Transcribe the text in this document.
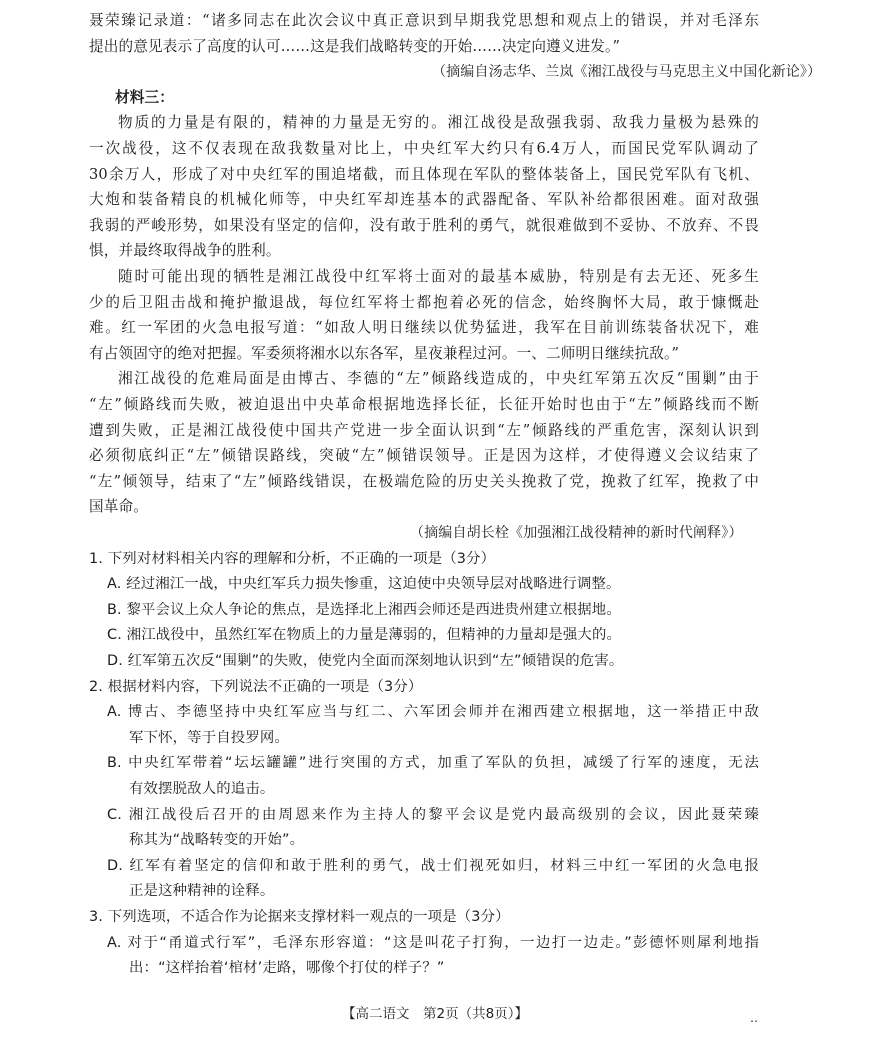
聂荣臻记录道：“诸多同志在此次会议中真正意识到早期我党思想和观点上的错误，并对毛泽东
提出的意见表示了高度的认可……这是我们战略转变的开始……决定向遵义进发。”
（摘编自汤志华、兰岚《湘江战役与马克思主义中国化新论》）
材料三：
物质的力量是有限的，精神的力量是无穷的。湘江战役是敌强我弱、敌我力量极为悬殊的
一次战役，这不仅表现在敌我数量对比上，中央红军大约只有6.4万人，而国民党军队调动了
30余万人，形成了对中央红军的围追堵截，而且体现在军队的整体装备上，国民党军队有飞机、
大炮和装备精良的机械化师等，中央红军却连基本的武器配备、军队补给都很困难。面对敌强
我弱的严峻形势，如果没有坚定的信仰，没有敢于胜利的勇气，就很难做到不妥协、不放弃、不畏
惧，并最终取得战争的胜利。
随时可能出现的牺牲是湘江战役中红军将士面对的最基本威胁，特别是有去无还、死多生
少的后卫阻击战和掩护撤退战，每位红军将士都抱着必死的信念，始终胸怀大局，敢于慷慨赴
难。红一军团的火急电报写道：“如敌人明日继续以优势猛进，我军在目前训练装备状况下，难
有占领固守的绝对把握。军委须将湘水以东各军，星夜兼程过河。一、二师明日继续抗敌。”
湘江战役的危难局面是由博古、李德的“左”倾路线造成的，中央红军第五次反“围剿”由于
“左”倾路线而失败，被迫退出中央革命根据地选择长征，长征开始时也由于“左”倾路线而不断
遭到失败，正是湘江战役使中国共产党进一步全面认识到“左”倾路线的严重危害，深刻认识到
必须彻底纠正“左”倾错误路线，突破“左”倾错误领导。正是因为这样，才使得遵义会议结束了
“左”倾领导，结束了“左”倾路线错误，在极端危险的历史关头挽救了党，挽救了红军，挽救了中
国革命。
（摘编自胡长栓《加强湘江战役精神的新时代阐释》）
1. 下列对材料相关内容的理解和分析，不正确的一项是（3分）
A. 经过湘江一战，中央红军兵力损失惨重，这迫使中央领导层对战略进行调整。
B. 黎平会议上众人争论的焦点，是选择北上湘西会师还是西进贵州建立根据地。
C. 湘江战役中，虽然红军在物质上的力量是薄弱的，但精神的力量却是强大的。
D. 红军第五次反“围剿”的失败，使党内全面而深刻地认识到“左”倾错误的危害。
2. 根据材料内容，下列说法不正确的一项是（3分）
A. 博古、李德坚持中央红军应当与红二、六军团会师并在湘西建立根据地，这一举措正中敌
军下怀，等于自投罗网。
B. 中央红军带着“坛坛罐罐”进行突围的方式，加重了军队的负担，减缓了行军的速度，无法
有效摆脱敌人的追击。
C. 湘江战役后召开的由周恩来作为主持人的黎平会议是党内最高级别的会议，因此聂荣臻
称其为“战略转变的开始”。
D. 红军有着坚定的信仰和敢于胜利的勇气，战士们视死如归，材料三中红一军团的火急电报
正是这种精神的诠释。
3. 下列选项，不适合作为论据来支撑材料一观点的一项是（3分）
A. 对于“甬道式行军”，毛泽东形容道：“这是叫花子打狗，一边打一边走。”彭德怀则犀利地指
出：“这样抬着‘棺材’走路，哪像个打仗的样子？”
【高二语文　第2页（共8页）】	‥
